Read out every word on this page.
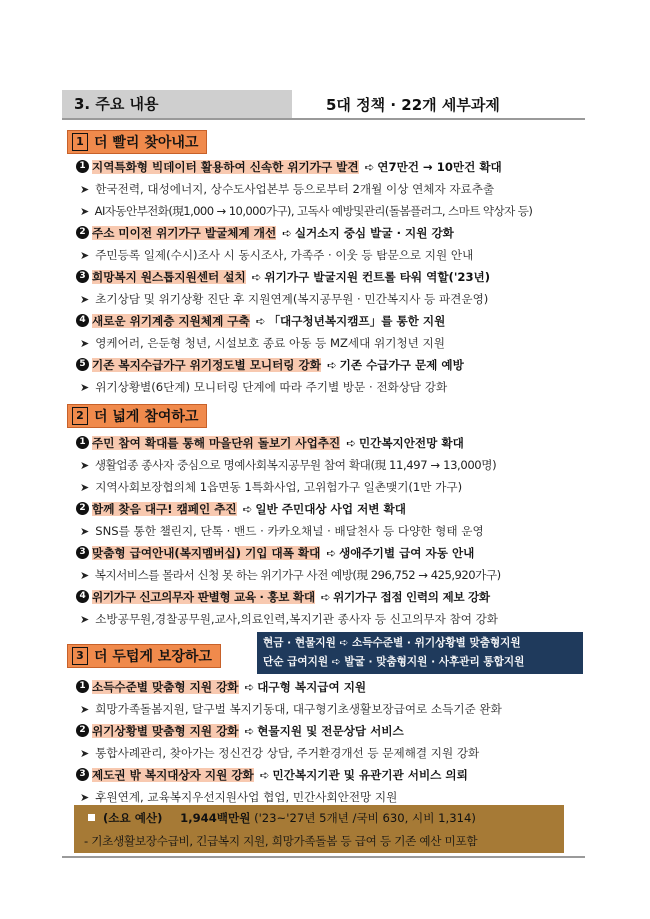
3. 주요 내용	5대 정책 · 22개 세부과제
1 더 빨리 찾아내고
1 지역특화형 빅데이터 활용하여 신속한 위기가구 발견 ➪ 연7만건 → 10만건 확대
➤ 한국전력, 대성에너지, 상수도사업본부 등으로부터 2개월 이상 연체자 자료추출
➤ AI자동안부전화(現1,000 → 10,000가구), 고독사 예방및관리(돌봄플러그, 스마트 약상자 등)
2 주소 미이전 위기가구 발굴체계 개선 ➪ 실거소지 중심 발굴 · 지원 강화
➤ 주민등록 일제(수시)조사 시 동시조사, 가족주 · 이웃 등 탐문으로 지원 안내
3 희망복지 원스톱지원센터 설치 ➪ 위기가구 발굴지원 컨트롤 타워 역할('23년)
➤ 초기상담 및 위기상황 진단 후 지원연계(복지공무원 · 민간복지사 등 파견운영)
4 새로운 위기계층 지원체계 구축 ➪ 「대구청년복지캠프」를 통한 지원
➤ 영케어러, 은둔형 청년, 시설보호 종료 아동 등 MZ세대 위기청년 지원
5 기존 복지수급가구 위기정도별 모니터링 강화 ➪ 기존 수급가구 문제 예방
➤ 위기상황별(6단계) 모니터링 단계에 따라 주기별 방문 · 전화상담 강화
2 더 넓게 참여하고
1 주민 참여 확대를 통해 마을단위 돌보기 사업추진 ➪ 민간복지안전망 확대
➤ 생활업종 종사자 중심으로 명예사회복지공무원 참여 확대(現 11,497 → 13,000명)
➤ 지역사회보장협의체 1읍면동 1특화사업, 고위험가구 일촌맺기(1만 가구)
2 함께 찾음 대구! 캠페인 추진 ➪ 일반 주민대상 사업 저변 확대
➤ SNS를 통한 챌린지, 단톡 · 밴드 · 카카오채널 · 배달천사 등 다양한 형태 운영
3 맞춤형 급여안내(복지멤버십) 기입 대폭 확대 ➪ 생애주기별 급여 자동 안내
➤ 복지서비스를 몰라서 신청 못 하는 위기가구 사전 예방(現 296,752 → 425,920가구)
4 위기가구 신고의무자 판별형 교육 · 홍보 확대 ➪ 위기가구 접점 인력의 제보 강화
➤ 소방공무원,경찰공무원,교사,의료인력,복지기관 종사자 등 신고의무자 참여 강화
3 더 두텁게 보장하고
현금 · 현물지원 ➪ 소득수준별 · 위기상황별 맞춤형지원
단순 급여지원 ➪ 발굴 · 맞춤형지원 · 사후관리 통합지원
1 소득수준별 맞춤형 지원 강화 ➪ 대구형 복지급여 지원
➤ 희망가족돌봄지원, 달구벌 복지기동대, 대구형기초생활보장급여로 소득기준 완화
2 위기상황별 맞춤형 지원 강화 ➪ 현물지원 및 전문상담 서비스
➤ 통합사례관리, 찾아가는 정신건강 상담, 주거환경개선 등 문제해결 지원 강화
3 제도권 밖 복지대상자 지원 강화 ➪ 민간복지기관 및 유관기관 서비스 의뢰
➤ 후원연계, 교육복지우선지원사업 협업, 민간사회안전망 지원
(소요 예산) 1,944백만원 ('23~'27년 5개년 /국비 630, 시비 1,314)
- 기초생활보장수급비, 긴급복지 지원, 희망가족돌봄 등 급여 등 기존 예산 미포함
